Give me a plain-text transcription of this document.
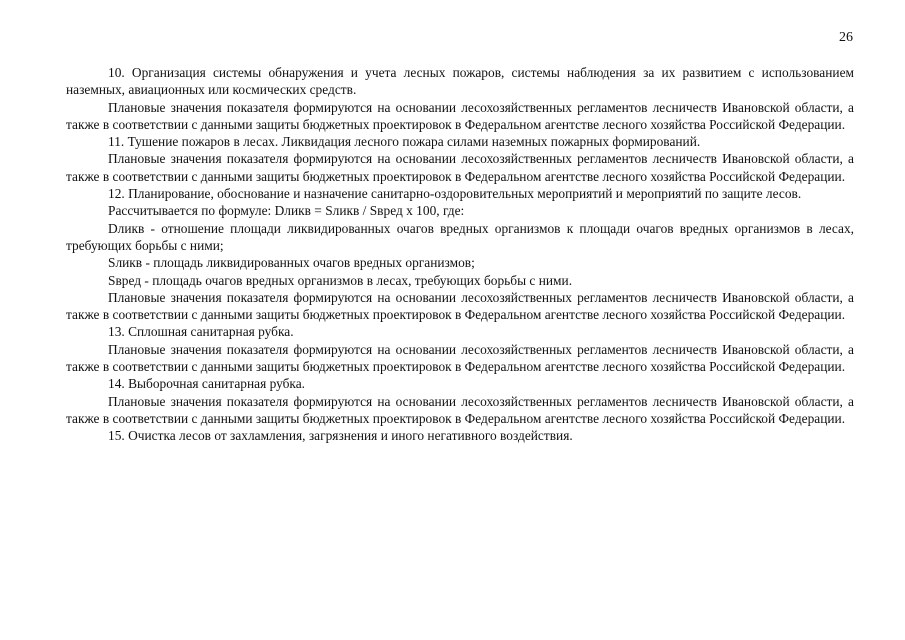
26

10. Организация системы обнаружения и учета лесных пожаров, системы наблюдения за их развитием с использованием наземных, авиационных или космических средств.

Плановые значения показателя формируются на основании лесохозяйственных регламентов лесничеств Ивановской области, а также в соответствии с данными защиты бюджетных проектировок в Федеральном агентстве лесного хозяйства Российской Федерации.

11. Тушение пожаров в лесах. Ликвидация лесного пожара силами наземных пожарных формирований.

Плановые значения показателя формируются на основании лесохозяйственных регламентов лесничеств Ивановской области, а также в соответствии с данными защиты бюджетных проектировок в Федеральном агентстве лесного хозяйства Российской Федерации.

12. Планирование, обоснование и назначение санитарно-оздоровительных мероприятий и мероприятий по защите лесов.

Рассчитывается по формуле: Dликв = Sликв / Sвред x 100, где:

Dликв - отношение площади ликвидированных очагов вредных организмов к площади очагов вредных организмов в лесах, требующих борьбы с ними;

Sликв - площадь ликвидированных очагов вредных организмов;

Sвред - площадь очагов вредных организмов в лесах, требующих борьбы с ними.

Плановые значения показателя формируются на основании лесохозяйственных регламентов лесничеств Ивановской области, а также в соответствии с данными защиты бюджетных проектировок в Федеральном агентстве лесного хозяйства Российской Федерации.

13. Сплошная санитарная рубка.

Плановые значения показателя формируются на основании лесохозяйственных регламентов лесничеств Ивановской области, а также в соответствии с данными защиты бюджетных проектировок в Федеральном агентстве лесного хозяйства Российской Федерации.

14. Выборочная санитарная рубка.

Плановые значения показателя формируются на основании лесохозяйственных регламентов лесничеств Ивановской области, а также в соответствии с данными защиты бюджетных проектировок в Федеральном агентстве лесного хозяйства Российской Федерации.

15. Очистка лесов от захламления, загрязнения и иного негативного воздействия.
